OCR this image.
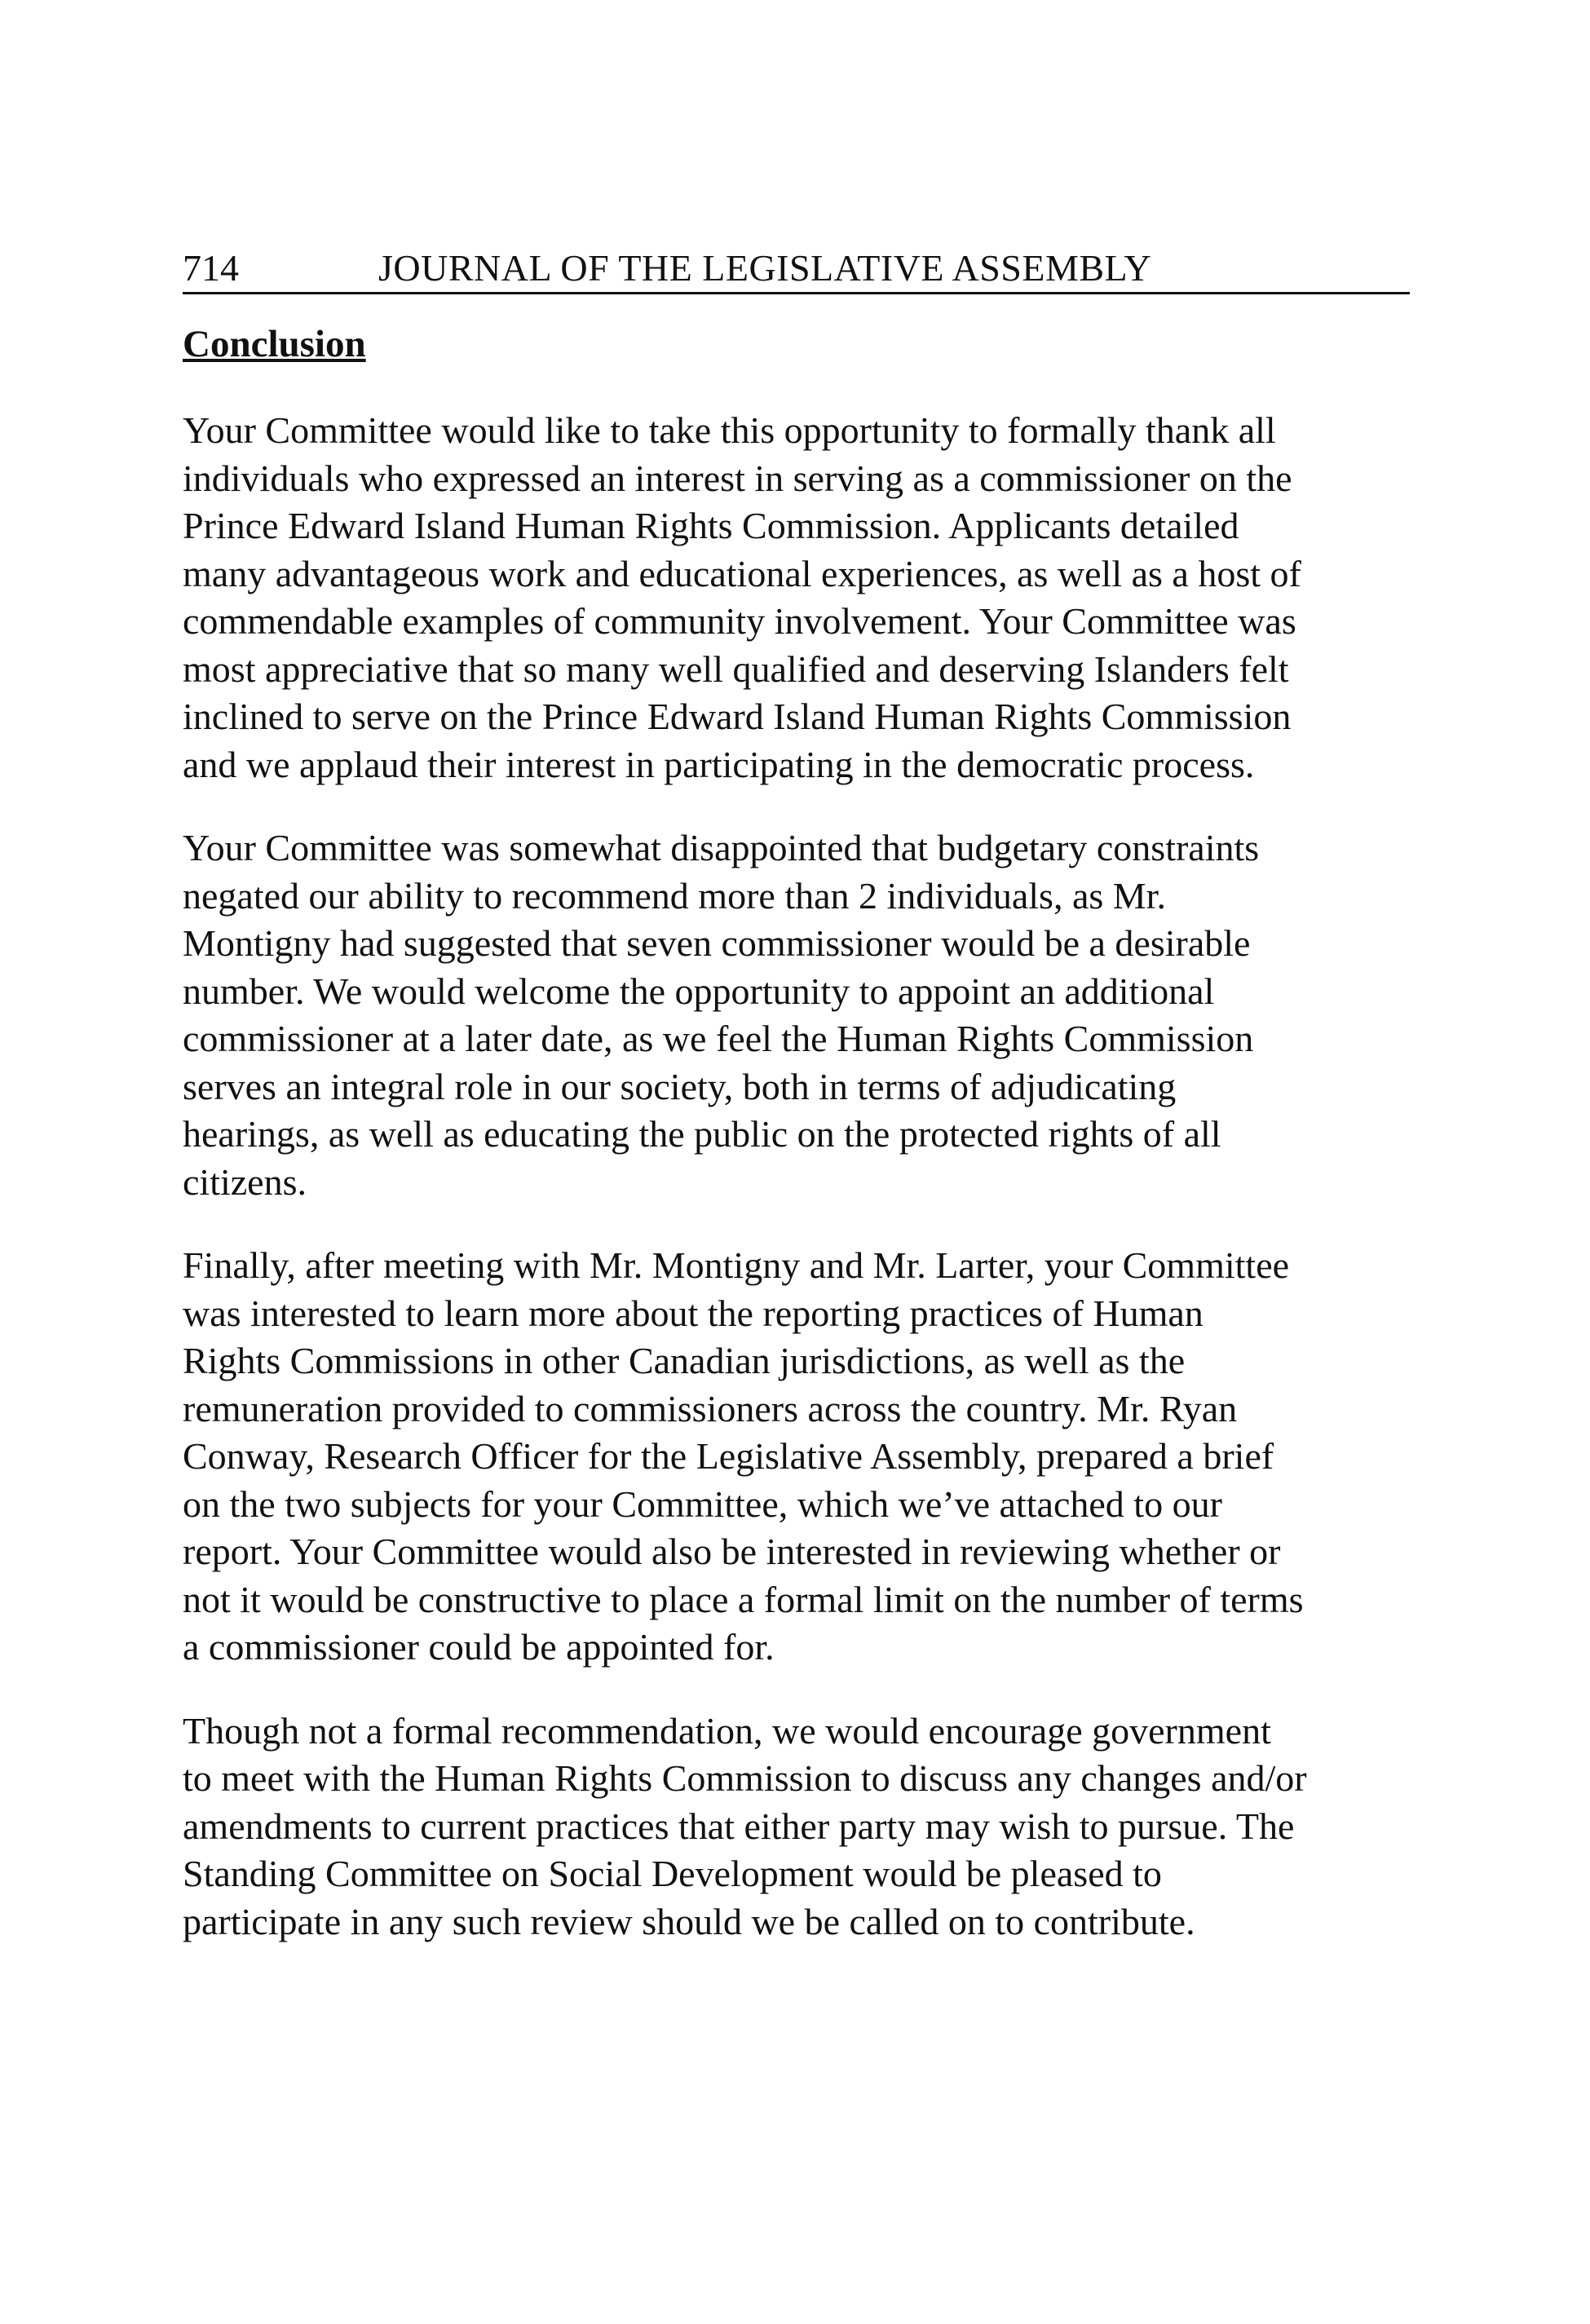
714	JOURNAL OF THE LEGISLATIVE ASSEMBLY
Conclusion

Your Committee would like to take this opportunity to formally thank all
individuals who expressed an interest in serving as a commissioner on the
Prince Edward Island Human Rights Commission. Applicants detailed
many advantageous work and educational experiences, as well as a host of
commendable examples of community involvement. Your Committee was
most appreciative that so many well qualified and deserving Islanders felt
inclined to serve on the Prince Edward Island Human Rights Commission
and we applaud their interest in participating in the democratic process.

Your Committee was somewhat disappointed that budgetary constraints
negated our ability to recommend more than 2 individuals, as Mr.
Montigny had suggested that seven commissioner would be a desirable
number. We would welcome the opportunity to appoint an additional
commissioner at a later date, as we feel the Human Rights Commission
serves an integral role in our society, both in terms of adjudicating
hearings, as well as educating the public on the protected rights of all
citizens.

Finally, after meeting with Mr. Montigny and Mr. Larter, your Committee
was interested to learn more about the reporting practices of Human
Rights Commissions in other Canadian jurisdictions, as well as the
remuneration provided to commissioners across the country. Mr. Ryan
Conway, Research Officer for the Legislative Assembly, prepared a brief
on the two subjects for your Committee, which we’ve attached to our
report. Your Committee would also be interested in reviewing whether or
not it would be constructive to place a formal limit on the number of terms
a commissioner could be appointed for.

Though not a formal recommendation, we would encourage government
to meet with the Human Rights Commission to discuss any changes and/or
amendments to current practices that either party may wish to pursue. The
Standing Committee on Social Development would be pleased to
participate in any such review should we be called on to contribute.
